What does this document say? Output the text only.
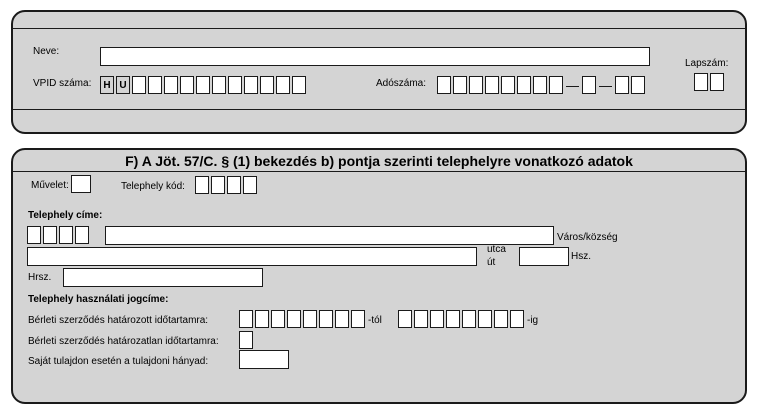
Neve:
VPID száma:	H U	Adószáma:
Lapszám:
F) A Jöt. 57/C. § (1) bekezdés b) pontja szerinti telephelyre vonatkozó adatok
Művelet:	Telephely kód:
Telephely címe:
Város/község
utca
út
Hsz.
Hrsz.
Telephely használati jogcíme:
Bérleti szerződés határozott időtartamra:	-tól	-ig
Bérleti szerződés határozatlan időtartamra:
Saját tulajdon esetén a tulajdoni hányad:
